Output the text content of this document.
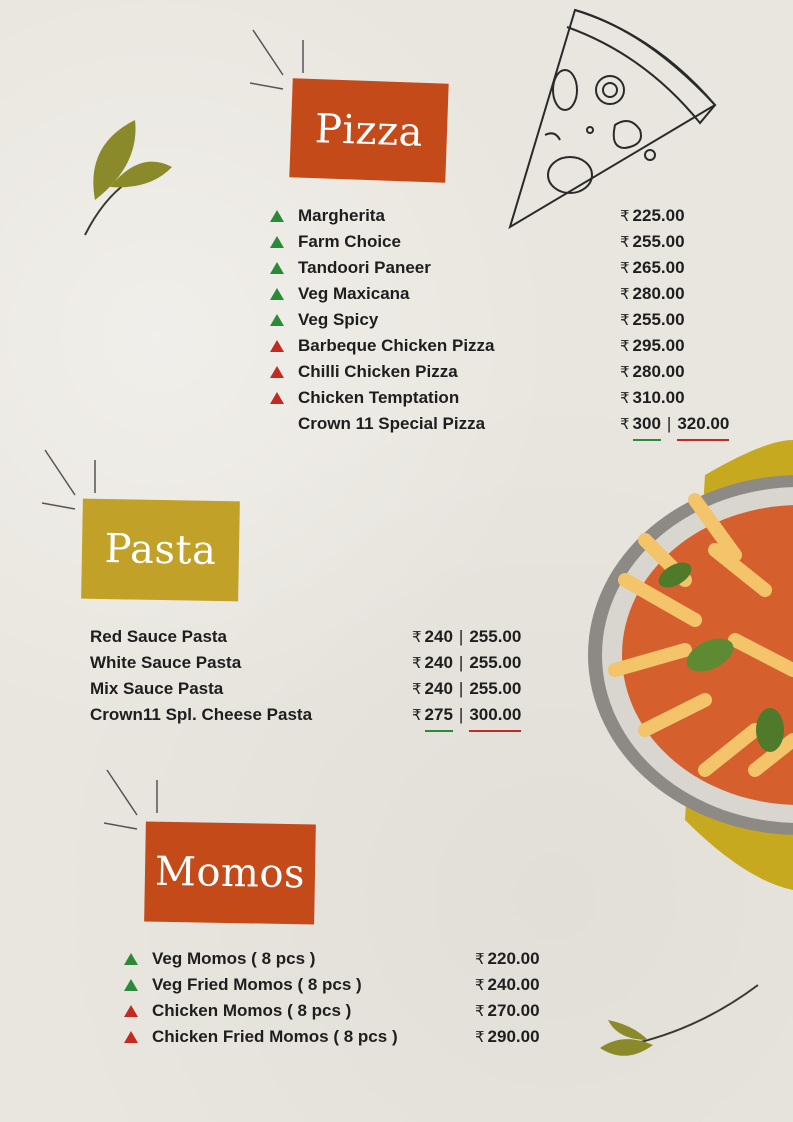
Pizza
Pasta
Momos
Margherita	₹ 225.00
Farm Choice	₹ 255.00
Tandoori Paneer	₹ 265.00
Veg Maxicana	₹ 280.00
Veg Spicy	₹ 255.00
Barbeque Chicken Pizza	₹ 295.00
Chilli Chicken Pizza	₹ 280.00
Chicken Temptation	₹ 310.00
Crown 11 Special Pizza	₹ 300 | 320.00
Red Sauce Pasta	₹ 240 | 255.00
White Sauce Pasta	₹ 240 | 255.00
Mix Sauce Pasta	₹ 240 | 255.00
Crown11 Spl. Cheese Pasta	₹ 275 | 300.00
Veg Momos ( 8 pcs )	₹ 220.00
Veg Fried Momos ( 8 pcs )	₹ 240.00
Chicken Momos ( 8 pcs )	₹ 270.00
Chicken Fried Momos ( 8 pcs )	₹ 290.00
